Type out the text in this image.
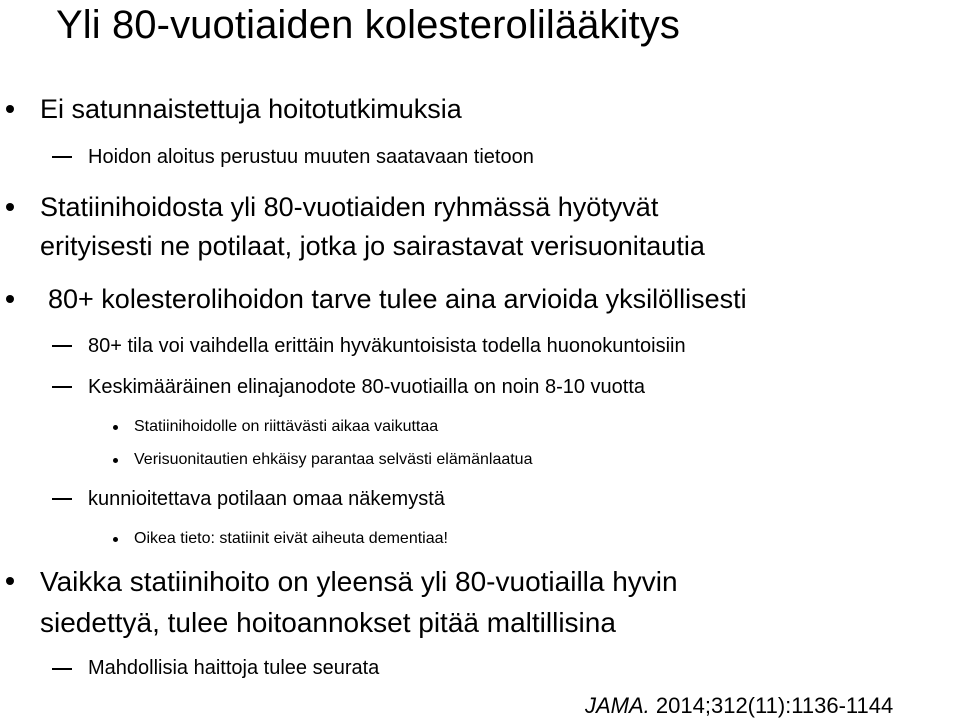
Yli 80-vuotiaiden kolesterolilääkitys
Ei satunnaistettuja hoitotutkimuksia
Hoidon aloitus perustuu muuten saatavaan tietoon
Statiinihoidosta yli 80-vuotiaiden ryhmässä hyötyvät
erityisesti ne potilaat, jotka jo sairastavat verisuonitautia
80+ kolesterolihoidon tarve tulee aina arvioida yksilöllisesti
80+ tila voi vaihdella erittäin hyväkuntoisista todella huonokuntoisiin
Keskimääräinen elinajanodote 80-vuotiailla on noin 8-10 vuotta
Statiinihoidolle on riittävästi aikaa vaikuttaa
Verisuonitautien ehkäisy parantaa selvästi elämänlaatua
kunnioitettava potilaan omaa näkemystä
Oikea tieto: statiinit eivät aiheuta dementiaa!
Vaikka statiinihoito on yleensä yli 80-vuotiailla hyvin
siedettyä, tulee hoitoannokset pitää maltillisina
Mahdollisia haittoja tulee seurata
JAMA. 2014;312(11):1136-1144
